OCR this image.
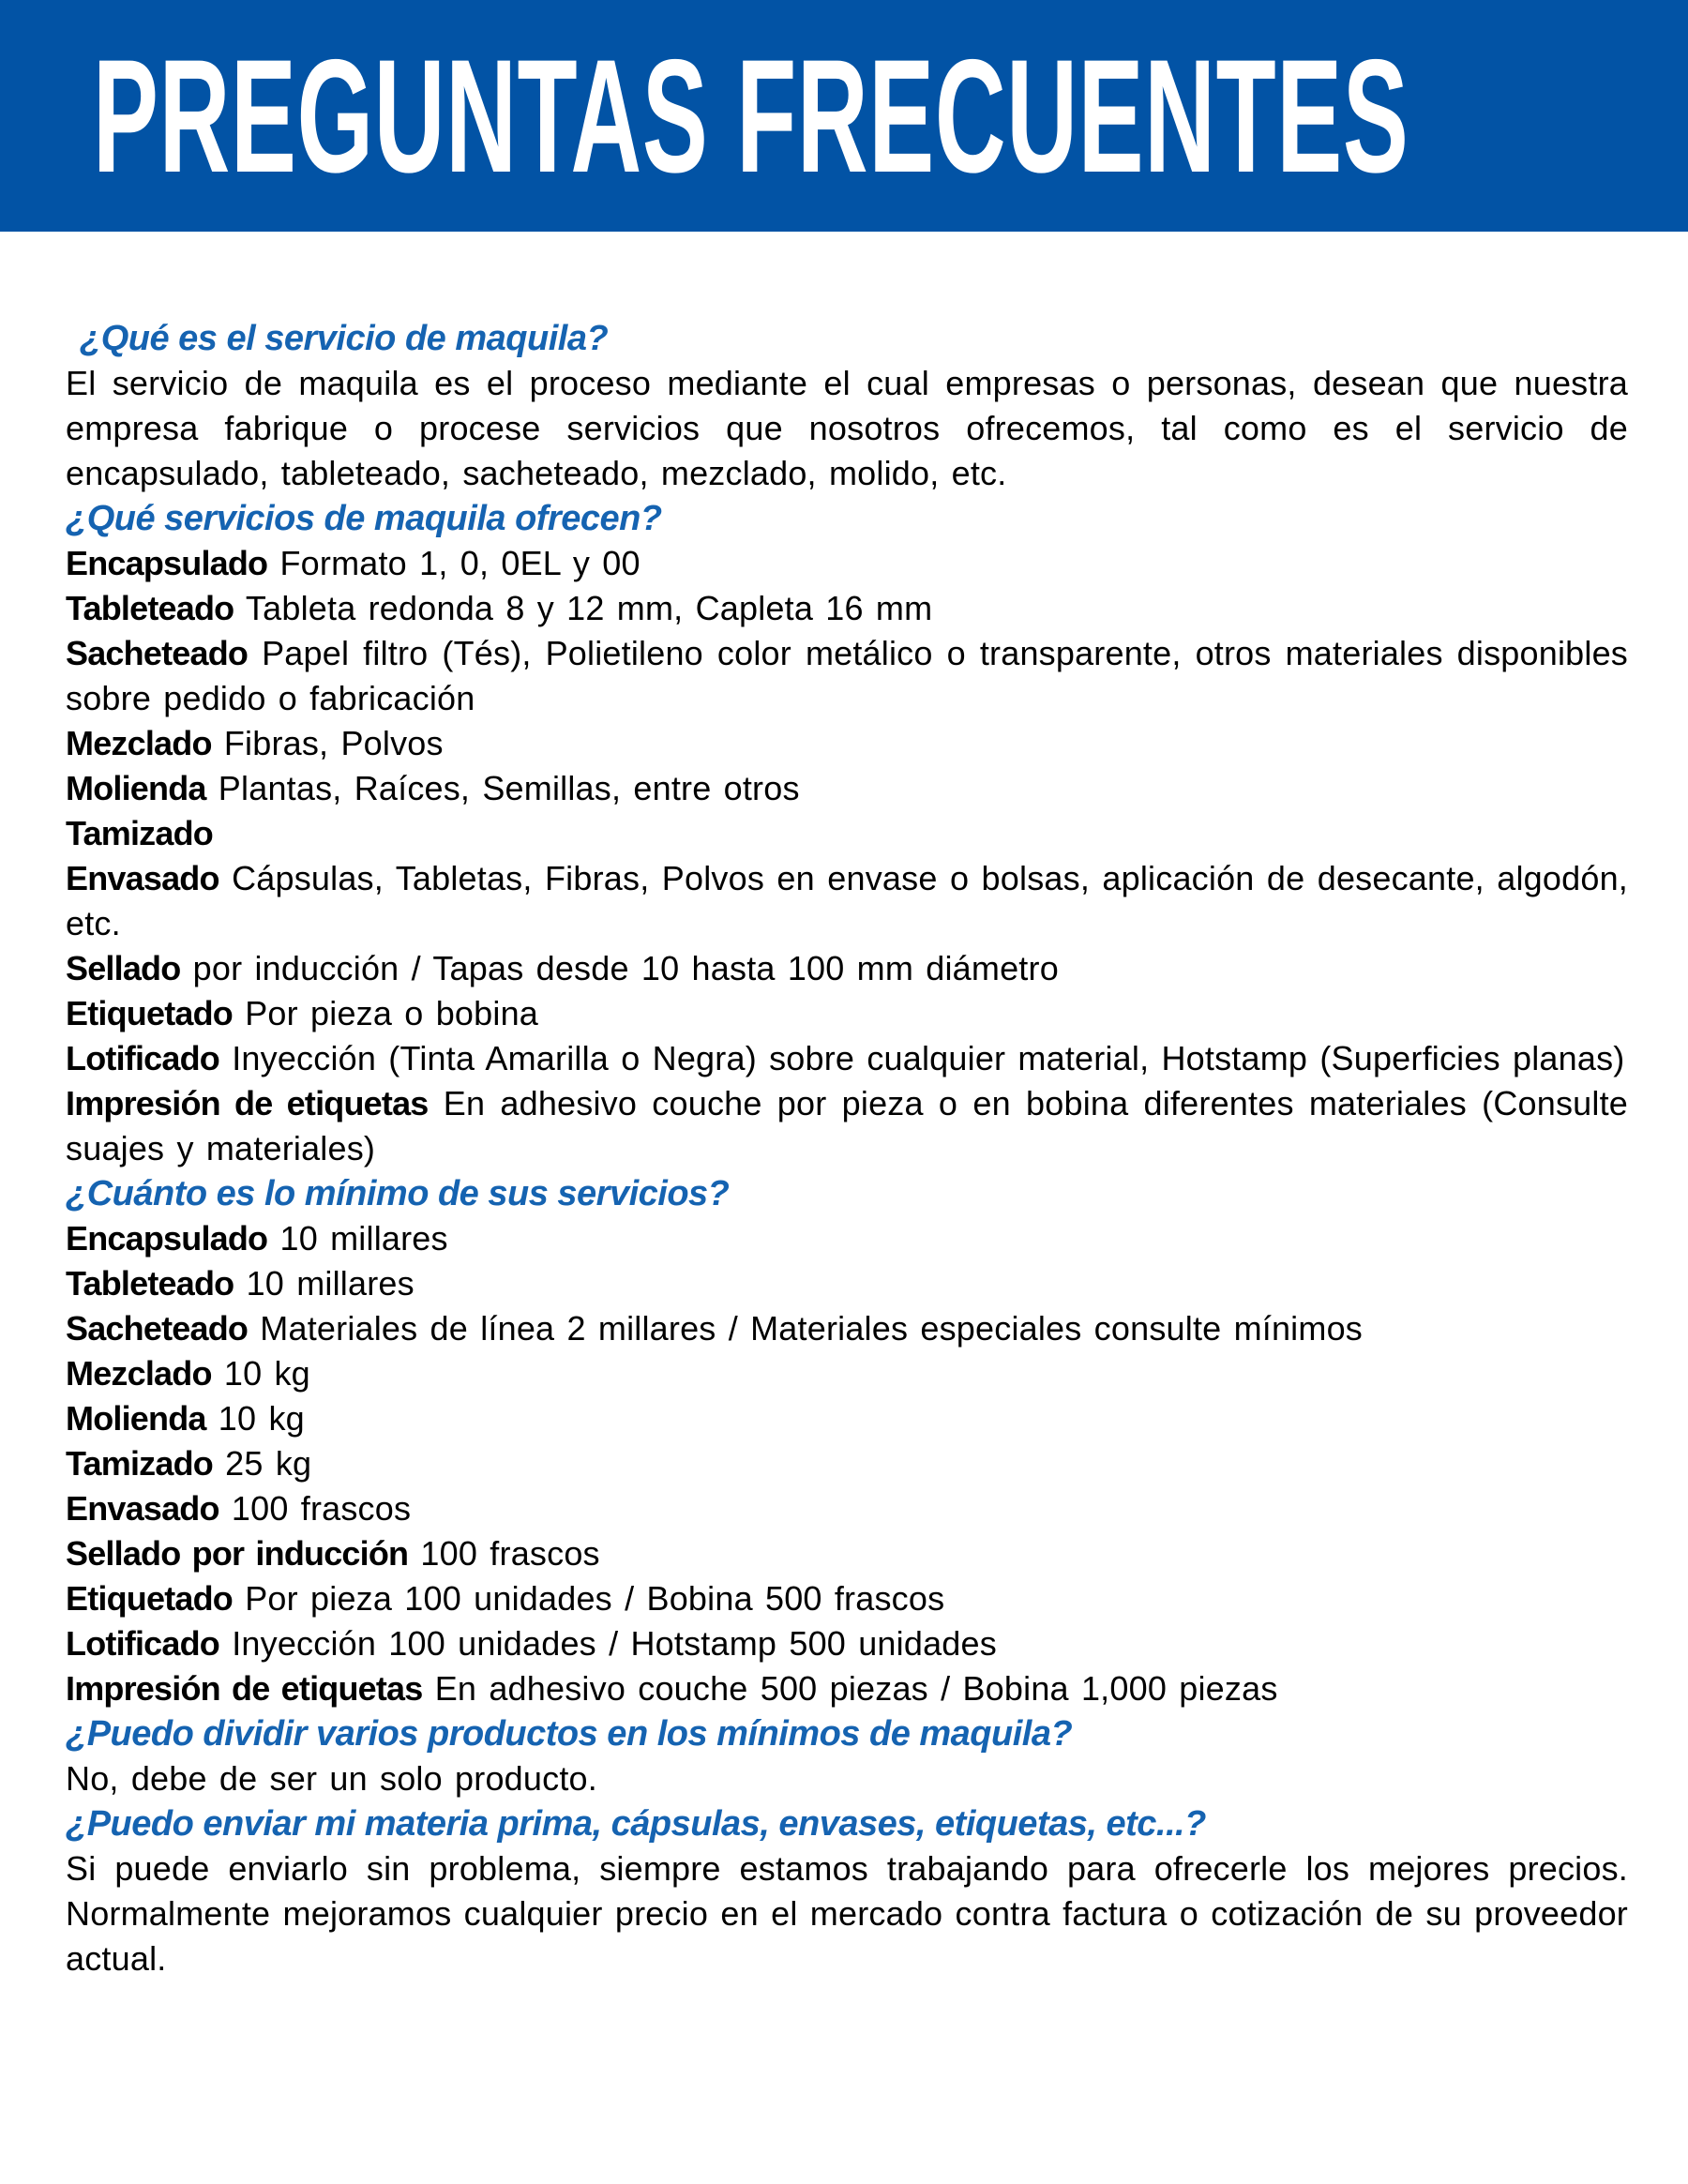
PREGUNTAS FRECUENTES

¿Qué es el servicio de maquila?

El servicio de maquila es el proceso mediante el cual empresas o personas, desean que nuestra empresa fabrique o procese servicios que nosotros ofrecemos, tal como es el servicio de encapsulado, tableteado, sacheteado, mezclado, molido, etc.

¿Qué servicios de maquila ofrecen?

Encapsulado Formato 1, 0, 0EL y 00

Tableteado Tableta redonda 8 y 12 mm, Capleta 16 mm

Sacheteado Papel filtro (Tés), Polietileno color metálico o transparente, otros materiales disponibles sobre pedido o fabricación

Mezclado Fibras, Polvos

Molienda Plantas, Raíces, Semillas, entre otros

Tamizado

Envasado Cápsulas, Tabletas, Fibras, Polvos en envase o bolsas, aplicación de desecante, algodón, etc.

Sellado por inducción / Tapas desde 10 hasta 100 mm diámetro

Etiquetado Por pieza o bobina

Lotificado Inyección (Tinta Amarilla o Negra) sobre cualquier material, Hotstamp (Superficies planas)

Impresión de etiquetas En adhesivo couche por pieza o en bobina diferentes materiales (Consulte suajes y materiales)

¿Cuánto es lo mínimo de sus servicios?

Encapsulado 10 millares

Tableteado 10 millares

Sacheteado Materiales de línea 2 millares / Materiales especiales consulte mínimos

Mezclado 10 kg

Molienda 10 kg

Tamizado 25 kg

Envasado 100 frascos

Sellado por inducción 100 frascos

Etiquetado Por pieza 100 unidades / Bobina 500 frascos

Lotificado Inyección 100 unidades / Hotstamp 500 unidades

Impresión de etiquetas En adhesivo couche 500 piezas / Bobina 1,000 piezas

¿Puedo dividir varios productos en los mínimos de maquila?

No, debe de ser un solo producto.

¿Puedo enviar mi materia prima, cápsulas, envases, etiquetas, etc...?

Si puede enviarlo sin problema, siempre estamos trabajando para ofrecerle los mejores precios. Normalmente mejoramos cualquier precio en el mercado contra factura o cotización de su proveedor actual.
